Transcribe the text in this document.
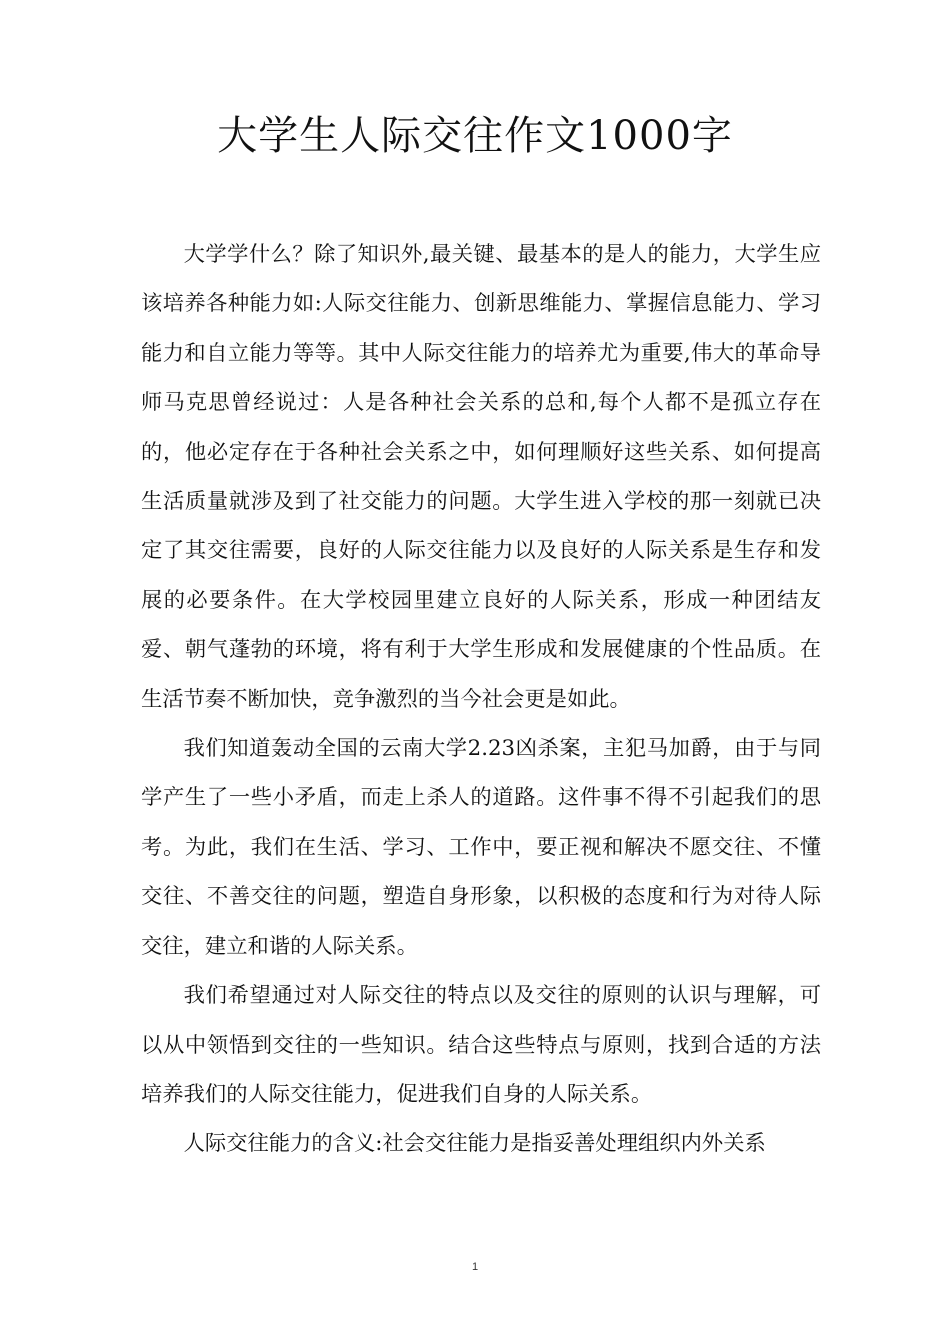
大学生人际交往作文1000字

大学学什么？除了知识外,最关键、最基本的是人的能力，大学生应该培养各种能力如:人际交往能力、创新思维能力、掌握信息能力、学习能力和自立能力等等。其中人际交往能力的培养尤为重要,伟大的革命导师马克思曾经说过：人是各种社会关系的总和,每个人都不是孤立存在的，他必定存在于各种社会关系之中，如何理顺好这些关系、如何提高生活质量就涉及到了社交能力的问题。大学生进入学校的那一刻就已决定了其交往需要，良好的人际交往能力以及良好的人际关系是生存和发展的必要条件。在大学校园里建立良好的人际关系，形成一种团结友爱、朝气蓬勃的环境，将有利于大学生形成和发展健康的个性品质。在生活节奏不断加快，竞争激烈的当今社会更是如此。

我们知道轰动全国的云南大学2.23凶杀案，主犯马加爵，由于与同学产生了一些小矛盾，而走上杀人的道路。这件事不得不引起我们的思考。为此，我们在生活、学习、工作中，要正视和解决不愿交往、不懂交往、不善交往的问题，塑造自身形象，以积极的态度和行为对待人际交往，建立和谐的人际关系。

我们希望通过对人际交往的特点以及交往的原则的认识与理解，可以从中领悟到交往的一些知识。结合这些特点与原则，找到合适的方法培养我们的人际交往能力，促进我们自身的人际关系。

人际交往能力的含义:社会交往能力是指妥善处理组织内外关系

1
